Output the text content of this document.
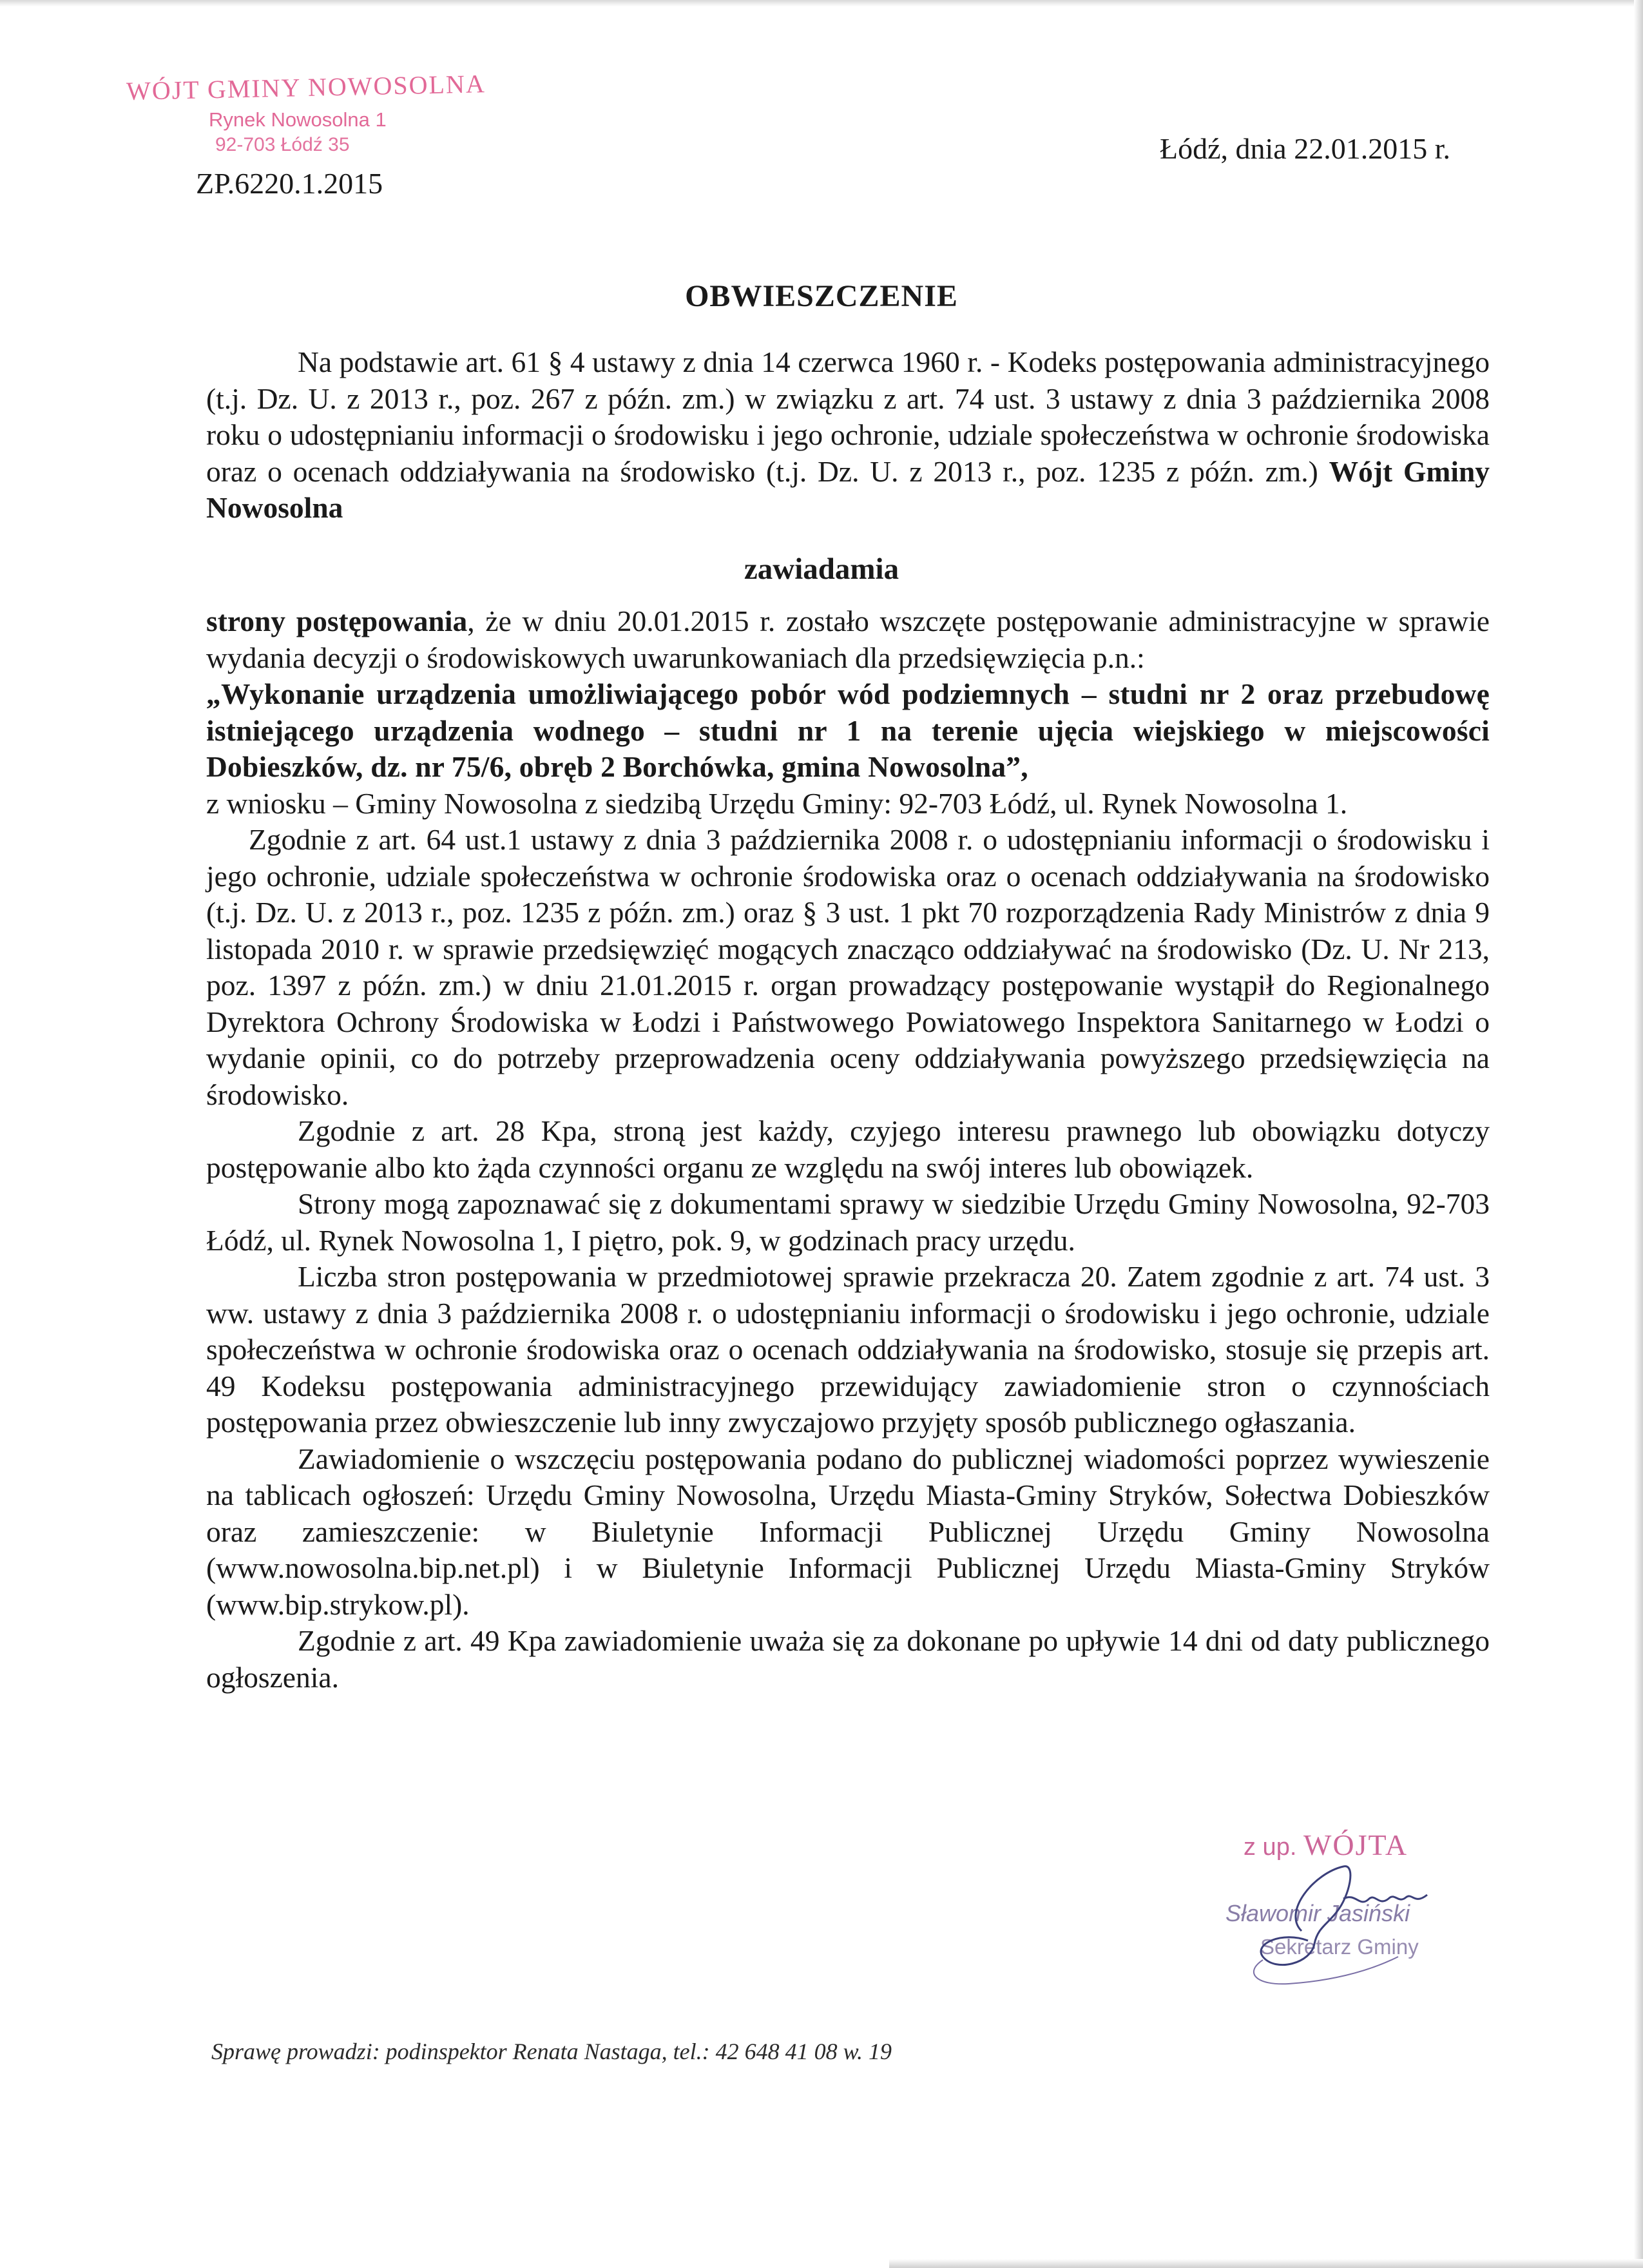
WÓJT GMINY NOWOSOLNA
Rynek Nowosolna 1
92-703 Łódź 35
ZP.6220.1.2015
Łódź, dnia 22.01.2015 r.
OBWIESZCZENIE

Na podstawie art. 61 § 4 ustawy z dnia 14 czerwca 1960 r. - Kodeks postępowania administracyjnego (t.j. Dz. U. z 2013 r., poz. 267 z późn. zm.) w związku z art. 74 ust. 3 ustawy z dnia 3 października 2008 roku o udostępnianiu informacji o środowisku i jego ochronie, udziale społeczeństwa w ochronie środowiska oraz o ocenach oddziaływania na środowisko (t.j. Dz. U. z 2013 r., poz. 1235 z późn. zm.) Wójt Gminy Nowosolna

zawiadamia

strony postępowania, że w dniu 20.01.2015 r. zostało wszczęte postępowanie administracyjne w sprawie wydania decyzji o środowiskowych uwarunkowaniach dla przedsięwzięcia p.n.:

„Wykonanie urządzenia umożliwiającego pobór wód podziemnych – studni nr 2 oraz przebudowę istniejącego urządzenia wodnego – studni nr 1 na terenie ujęcia wiejskiego w miejscowości Dobieszków, dz. nr 75/6, obręb 2 Borchówka, gmina Nowosolna”,

z wniosku – Gminy Nowosolna z siedzibą Urzędu Gminy: 92-703 Łódź, ul. Rynek Nowosolna 1.

Zgodnie z art. 64 ust.1 ustawy z dnia 3 października 2008 r. o udostępnianiu informacji o środowisku i jego ochronie, udziale społeczeństwa w ochronie środowiska oraz o ocenach oddziaływania na środowisko (t.j. Dz. U. z 2013 r., poz. 1235 z późn. zm.) oraz § 3 ust. 1 pkt 70 rozporządzenia Rady Ministrów z dnia 9 listopada 2010 r. w sprawie przedsięwzięć mogących znacząco oddziaływać na środowisko (Dz. U. Nr 213, poz. 1397 z późn. zm.) w dniu 21.01.2015 r. organ prowadzący postępowanie wystąpił do Regionalnego Dyrektora Ochrony Środowiska w Łodzi i Państwowego Powiatowego Inspektora Sanitarnego w Łodzi o wydanie opinii, co do potrzeby przeprowadzenia oceny oddziaływania powyższego przedsięwzięcia na środowisko.

Zgodnie z art. 28 Kpa, stroną jest każdy, czyjego interesu prawnego lub obowiązku dotyczy postępowanie albo kto żąda czynności organu ze względu na swój interes lub obowiązek.

Strony mogą zapoznawać się z dokumentami sprawy w siedzibie Urzędu Gminy Nowosolna, 92-703 Łódź, ul. Rynek Nowosolna 1, I piętro, pok. 9, w godzinach pracy urzędu.

Liczba stron postępowania w przedmiotowej sprawie przekracza 20. Zatem zgodnie z art. 74 ust. 3 ww. ustawy z dnia 3 października 2008 r. o udostępnianiu informacji o środowisku i jego ochronie, udziale społeczeństwa w ochronie środowiska oraz o ocenach oddziaływania na środowisko, stosuje się przepis art. 49 Kodeksu postępowania administracyjnego przewidujący zawiadomienie stron o czynnościach postępowania przez obwieszczenie lub inny zwyczajowo przyjęty sposób publicznego ogłaszania.

Zawiadomienie o wszczęciu postępowania podano do publicznej wiadomości poprzez wywieszenie na tablicach ogłoszeń: Urzędu Gminy Nowosolna, Urzędu Miasta-Gminy Stryków, Sołectwa Dobieszków oraz zamieszczenie: w Biuletynie Informacji Publicznej Urzędu Gminy Nowosolna (www.nowosolna.bip.net.pl) i w Biuletynie Informacji Publicznej Urzędu Miasta-Gminy Stryków (www.bip.strykow.pl).

Zgodnie z art. 49 Kpa zawiadomienie uważa się za dokonane po upływie 14 dni od daty publicznego ogłoszenia.

z up. WÓJTA
Sławomir Jasiński
Sekretarz Gminy
Sprawę prowadzi: podinspektor Renata Nastaga, tel.: 42 648 41 08 w. 19
